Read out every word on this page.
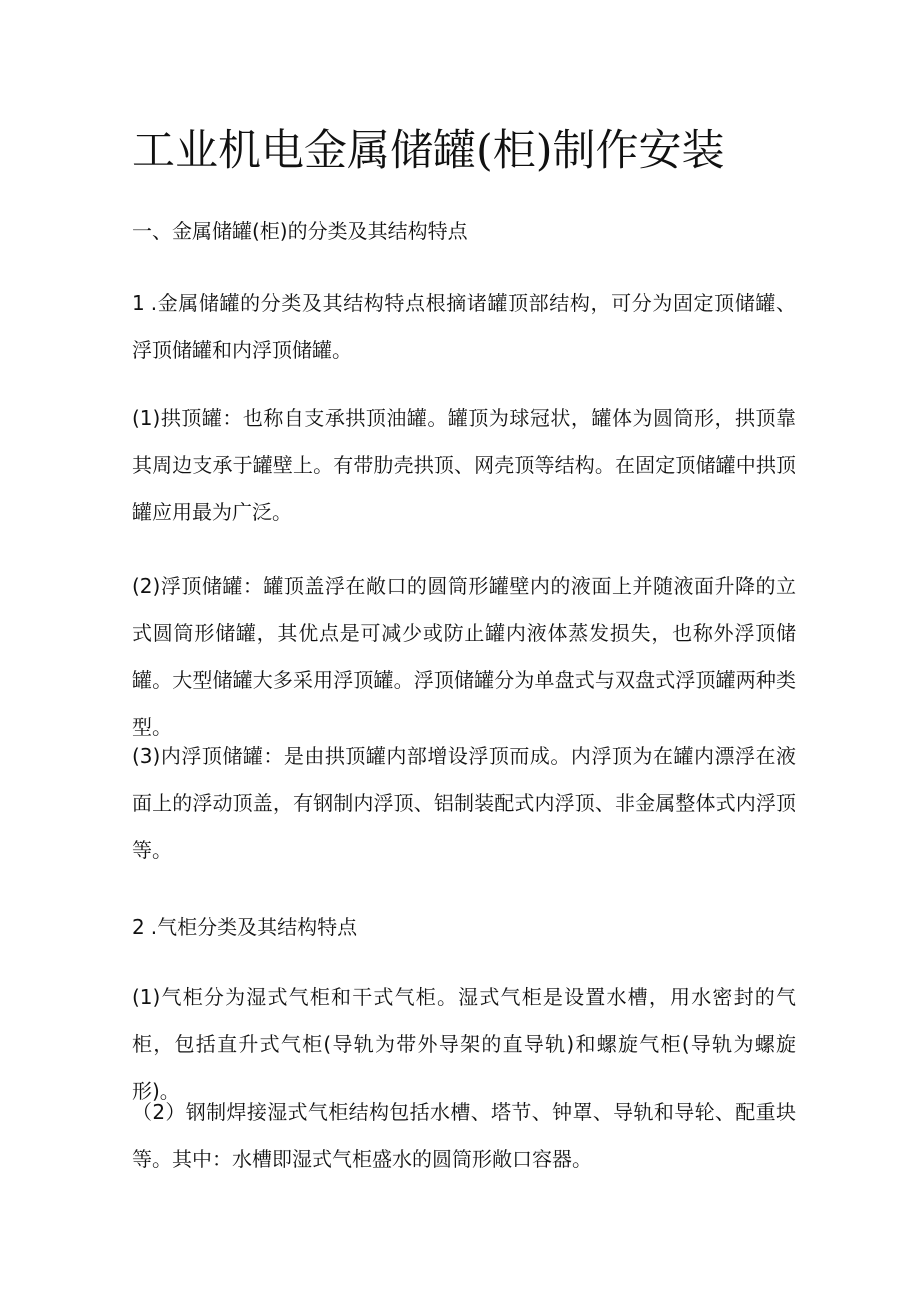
工业机电金属储罐(柜)制作安装

一、金属储罐(柜)的分类及其结构特点

1 .金属储罐的分类及其结构特点根摘诸罐顶部结构，可分为固定顶储罐、浮顶储罐和内浮顶储罐。

(1)拱顶罐：也称自支承拱顶油罐。罐顶为球冠状，罐体为圆筒形，拱顶靠其周边支承于罐壁上。有带肋壳拱顶、网壳顶等结构。在固定顶储罐中拱顶罐应用最为广泛。

(2)浮顶储罐：罐顶盖浮在敞口的圆筒形罐壁内的液面上并随液面升降的立式圆筒形储罐，其优点是可减少或防止罐内液体蒸发损失，也称外浮顶储罐。大型储罐大多采用浮顶罐。浮顶储罐分为单盘式与双盘式浮顶罐两种类型。

(3)内浮顶储罐：是由拱顶罐内部增设浮顶而成。内浮顶为在罐内漂浮在液面上的浮动顶盖，有钢制内浮顶、铝制装配式内浮顶、非金属整体式内浮顶等。

2 .气柜分类及其结构特点

(1)气柜分为湿式气柜和干式气柜。湿式气柜是设置水槽，用水密封的气柜，包括直升式气柜(导轨为带外导架的直导轨)和螺旋气柜(导轨为螺旋形)。

（2）钢制焊接湿式气柜结构包括水槽、塔节、钟罩、导轨和导轮、配重块等。其中：水槽即湿式气柜盛水的圆筒形敞口容器。
